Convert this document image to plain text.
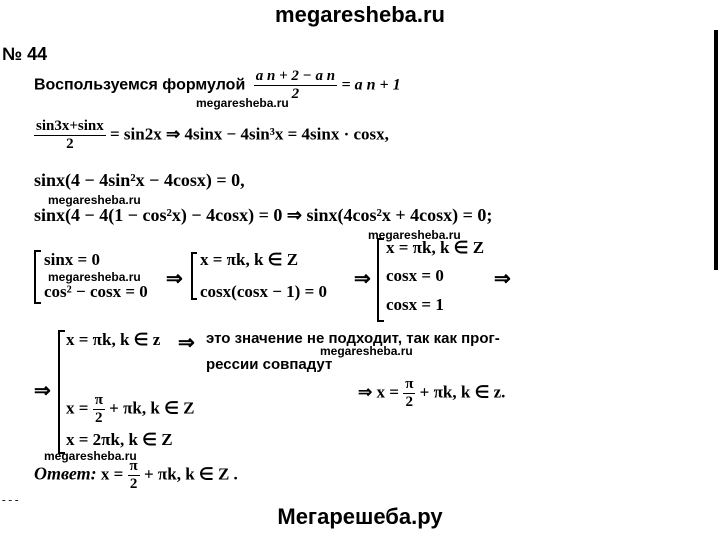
megaresheba.ru
№ 44
Воспользуемся формулой $\frac{\text{a n + 2 − a n}}{2} = a$ n + 1
megaresheba.ru
$\frac{\sin 3x+\sin x}{2} = \sin 2x$ ⇒ 4sinx − 4sin³x = 4sinx · cosx,
sinx(4 − 4sin²x − 4cosx) = 0,
megaresheba.ru
sinx(4 − 4(1 − cos²x) − 4cosx) = 0 ⇒ sinx(4cos²x + 4cosx) = 0;
megaresheba.ru
sinx = 0
megaresheba.ru
cos² − cosx = 0
⇒
x = πk, k ∈ Z
cosx(cosx − 1) = 0
⇒
x = πk, k ∈ Z
cosx = 0
cosx = 1
⇒
⇒
x = πk, k ∈ z ⇒ это значение не подходит, так как прог-
megaresheba.ru
рессии совпадут
$x = \frac{\pi}{2} + \pi k$, k ∈ Z
⇒ $x = \frac{\pi}{2} + \pi k$, k ∈ z.
x = 2πk, k ∈ Z
megaresheba.ru
Ответ: $x = \frac{\pi}{2} + \pi k$, k ∈ Z .
- - -
Мегарешеба.ру
